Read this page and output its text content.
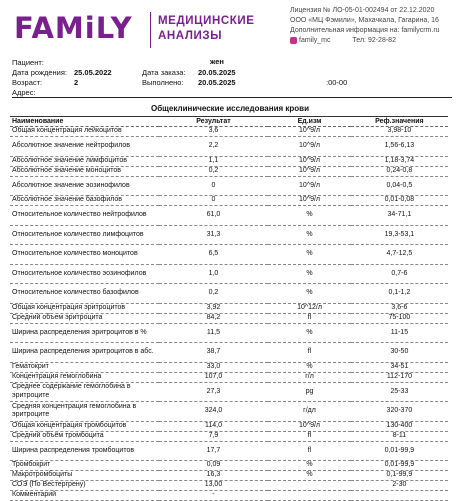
FAMiLY МЕДИЦИНСКИЕ
АНАЛИЗЫ
Лицензия № ЛО-05-01-002494 от 22.12.2020
ООО «МЦ Фэмили», Махачкала, Гагарина, 16
Дополнительная информация на: familycrm.ru
family_mc	Тел: 92-28-82
Пациент:	жен
Дата рождения: 25.05.2022	Дата заказа: 20.05.2025
Возраст:	2	Выполнено: 20.05.2025	:00-00
Адрес:
Общеклинические исследования крови
Наименование	Результат	Ед.изм	Реф.значения
Общая концентрация лейкоцитов	3,6	10^9/л	3,98-10
Абсолютное значение нейтрофилов	2,2	10^9/л	1,56-6,13
Абсолютное значение лимфоцитов	1,1	10^9/л	1,18-3,74
Абсолютное значение моноцитов	0,2	10^9/л	0,24-0,8
Абсолютное значение эозинофилов	0	10^9/л	0,04-0,5
Абсолютное значение базофилов	0	10^9/л	0,01-0,08
Относительное количество нейтрофилов	61,0	%	34-71,1
Относительное количество лимфоцитов	31,3	%	19,3-53,1
Относительное количество моноцитов	6,5	%	4,7-12,5
Относительное количество эозинофилов	1,0	%	0,7-6
Относительное количество базофилов	0,2	%	0,1-1,2
Общая концентрация эритроцитов	3,92	10^12/л	3,6-6
Средний объем эритроцита	84,2	fl	75-100
Ширина распределения эритроцитов в %	11,5	%	11-15
Ширина распределения эритроцитов в абс.	38,7	fl	30-50
Гематокрит	33,0	%	34-51
Концентрация гемоглобина	107,0	г/л	112-170
Среднее содержание гемоглобина в эритроците	27,3	pg	25-33
Средняя концентрация гемоглобина в эритроците	324,0	г/дл	320-370
Общая концентрация тромбоцитов	114,0	10^9/л	130-400
Средний объём тромбоцита	7,9	fl	8-11
Ширина распределения тромбоцитов	17,7	fl	0,01-99,9
Тромбокрит	0,09	%	0,01-99,9
Макротромбоциты	16,3	%	0,1-99,9
СОЭ (По Вестергрену)	13,00		2-30
Комментарий	-		
